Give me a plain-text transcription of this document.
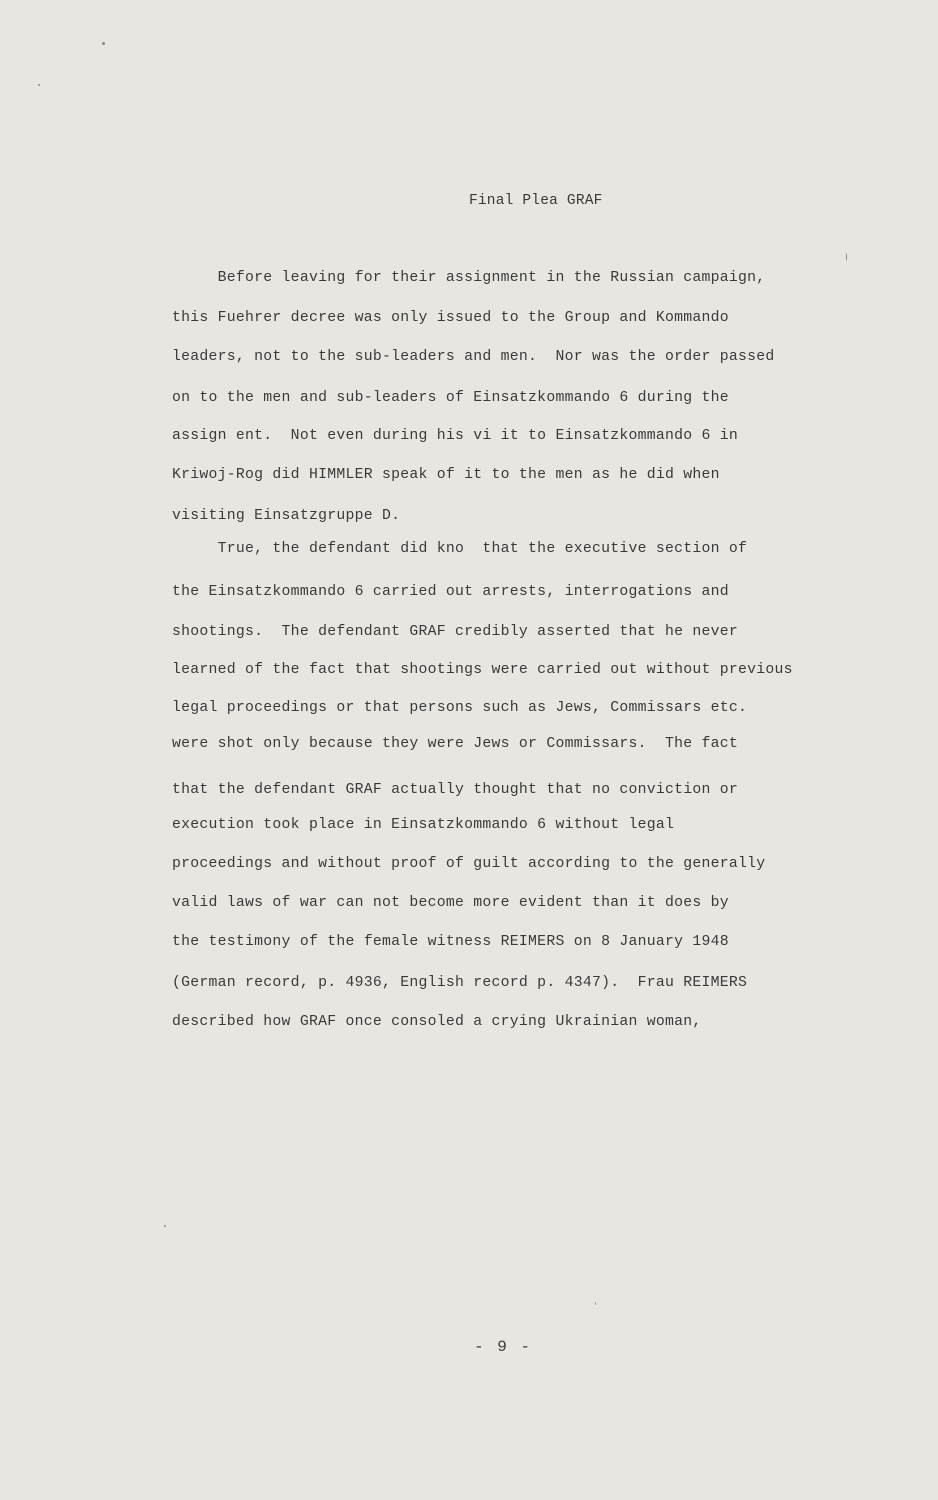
Final Plea GRAF
Before leaving for their assignment in the Russian campaign,
this Fuehrer decree was only issued to the Group and Kommando
leaders, not to the sub-leaders and men.  Nor was the order passed
on to the men and sub-leaders of Einsatzkommando 6 during the
assign ent.  Not even during his vi it to Einsatzkommando 6 in
Kriwoj-Rog did HIMMLER speak of it to the men as he did when
visiting Einsatzgruppe D.
True, the defendant did kno  that the executive section of
the Einsatzkommando 6 carried out arrests, interrogations and
shootings.  The defendant GRAF credibly asserted that he never
learned of the fact that shootings were carried out without previous
legal proceedings or that persons such as Jews, Commissars etc.
were shot only because they were Jews or Commissars.  The fact
that the defendant GRAF actually thought that no conviction or
execution took place in Einsatzkommando 6 without legal
proceedings and without proof of guilt according to the generally
valid laws of war can not become more evident than it does by
the testimony of the female witness REIMERS on 8 January 1948
(German record, p. 4936, English record p. 4347).  Frau REIMERS
described how GRAF once consoled a crying Ukrainian woman,
- 9 -
